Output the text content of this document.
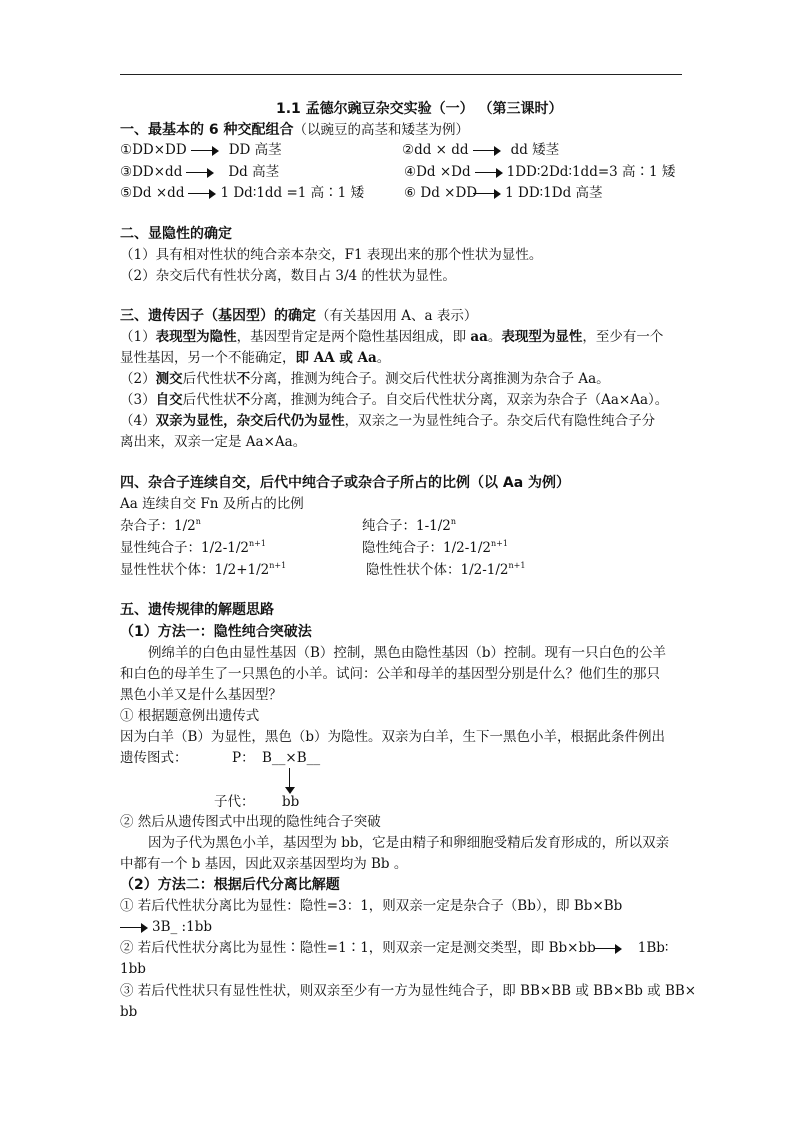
1.1 孟德尔豌豆杂交实验（一） （第三课时）
一、最基本的 6 种交配组合（以豌豆的高茎和矮茎为例）
①DD×DD	DD 高茎	②dd × dd	dd 矮茎
③DD×dd	Dd 高茎	④Dd ×Dd	1DD∶2Dd∶1dd=3 高∶1 矮
⑤Dd ×dd	1 Dd∶1dd =1 高∶1 矮	⑥ Dd ×DD 1 DD∶1Dd 高茎
二、显隐性的确定
（1）具有相对性状的纯合亲本杂交，F1 表现出来的那个性状为显性。
（2）杂交后代有性状分离，数目占 3/4 的性状为显性。
三、遗传因子（基因型）的确定（有关基因用 A、a 表示）
（1）表现型为隐性，基因型肯定是两个隐性基因组成，即 aa。表现型为显性，至少有一个
显性基因，另一个不能确定，即 AA 或 Aa。
（2）测交后代性状不分离，推测为纯合子。测交后代性状分离推测为杂合子 Aa。
（3）自交后代性状不分离，推测为纯合子。自交后代性状分离，双亲为杂合子（Aa×Aa）。
（4）双亲为显性，杂交后代仍为显性，双亲之一为显性纯合子。杂交后代有隐性纯合子分
离出来，双亲一定是 Aa×Aa。
四、杂合子连续自交，后代中纯合子或杂合子所占的比例（以 Aa 为例）
Aa 连续自交 Fn 及所占的比例
杂合子：1/2$^n$	纯合子：1-1/2$^n$
显性纯合子：$1/2-1/2^{n+1}$	隐性纯合子：$1/2-1/2^{n+1}$
显性性状个体：$1/2+1/2^{n+1}$	隐性性状个体：$1/2-1/2^{n+1}$
五、遗传规律的解题思路
（1）方法一：隐性纯合突破法
例绵羊的白色由显性基因（B）控制，黑色由隐性基因（b）控制。现有一只白色的公羊
和白色的母羊生了一只黑色的小羊。试问：公羊和母羊的基因型分别是什么？他们生的那只
黑色小羊又是什么基因型？
① 根据题意例出遗传式
因为白羊（B）为显性，黑色（b）为隐性。双亲为白羊，生下一黑色小羊，根据此条件例出
遗传图式：	P： B__×B__
子代： bb
② 然后从遗传图式中出现的隐性纯合子突破
因为子代为黑色小羊，基因型为 bb，它是由精子和卵细胞受精后发育形成的，所以双亲
中都有一个 b 基因，因此双亲基因型均为 Bb 。
（2）方法二：根据后代分离比解题
① 若后代性状分离比为显性：隐性=3：1，则双亲一定是杂合子（Bb），即 Bb×Bb
3B_ :1bb
② 若后代性状分离比为显性∶隐性=1∶1，则双亲一定是测交类型，即 Bb×bb	1Bb∶
1bb
③ 若后代性状只有显性性状，则双亲至少有一方为显性纯合子，即 BB×BB 或 BB×Bb 或 BB×
bb
